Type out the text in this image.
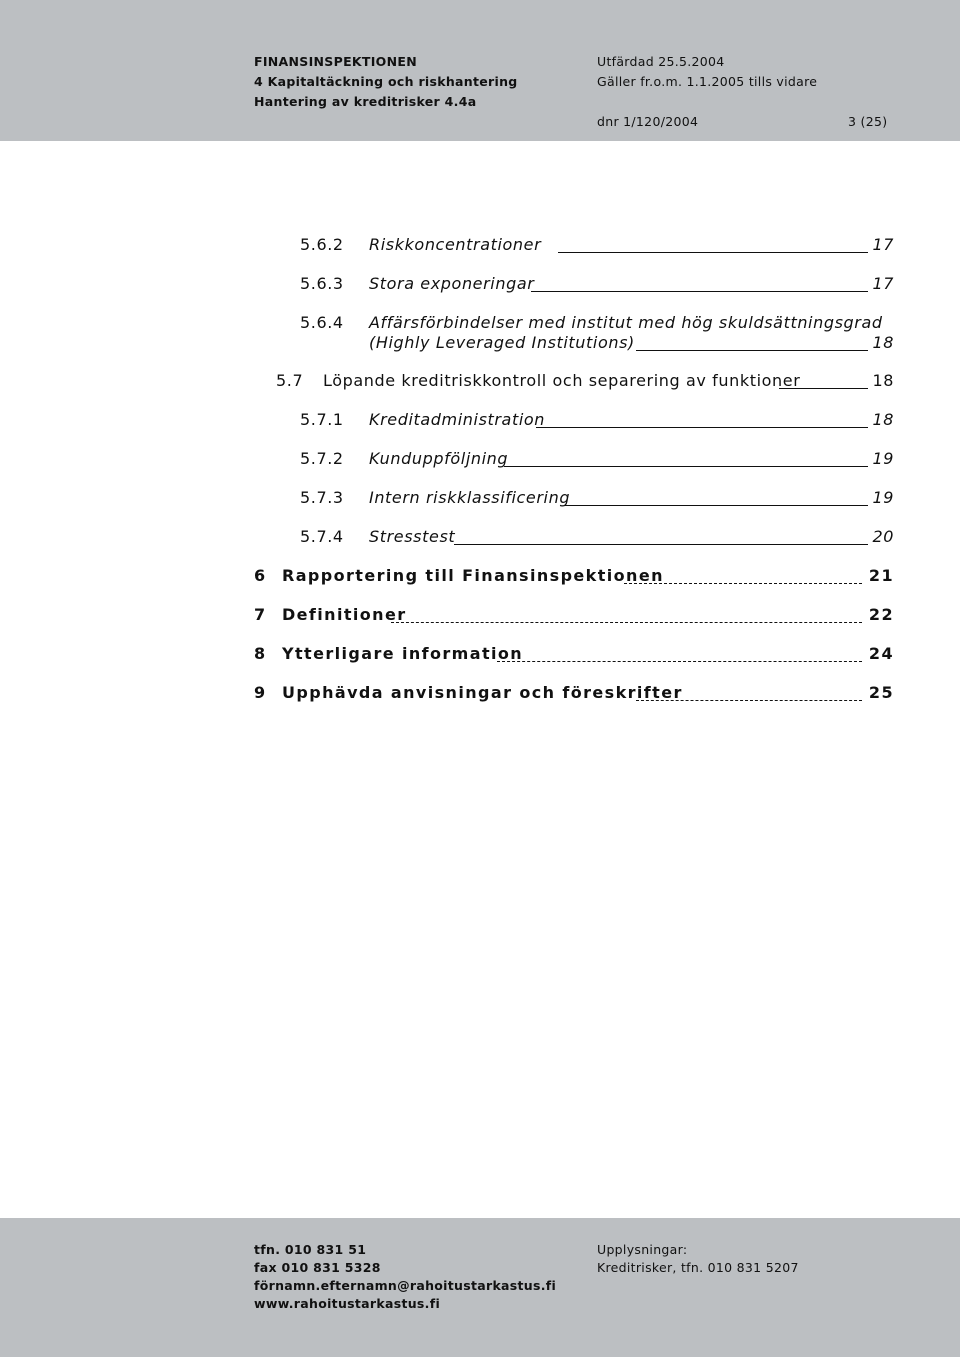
FINANSINSPEKTIONEN
4 Kapitaltäckning och riskhantering
Hantering av kreditrisker 4.4a
Utfärdad 25.5.2004
Gäller fr.o.m. 1.1.2005 tills vidare
dnr 1/120/2004	3 (25)
5.6.2 Riskkoncentrationer	17
5.6.3 Stora exponeringar	17
5.6.4 Affärsförbindelser med institut med hög skuldsättningsgrad
(Highly Leveraged Institutions)	18
5.7 Löpande kreditriskkontroll och separering av funktioner	18
5.7.1 Kreditadministration	18
5.7.2 Kunduppföljning	19
5.7.3 Intern riskklassificering	19
5.7.4 Stresstest	20
6 Rapportering till Finansinspektionen	21
7 Definitioner	22
8 Ytterligare information	24
9 Upphävda anvisningar och föreskrifter	25
tfn. 010 831 51
fax 010 831 5328
förnamn.efternamn@rahoitustarkastus.fi
www.rahoitustarkastus.fi
Upplysningar:
Kreditrisker, tfn. 010 831 5207
